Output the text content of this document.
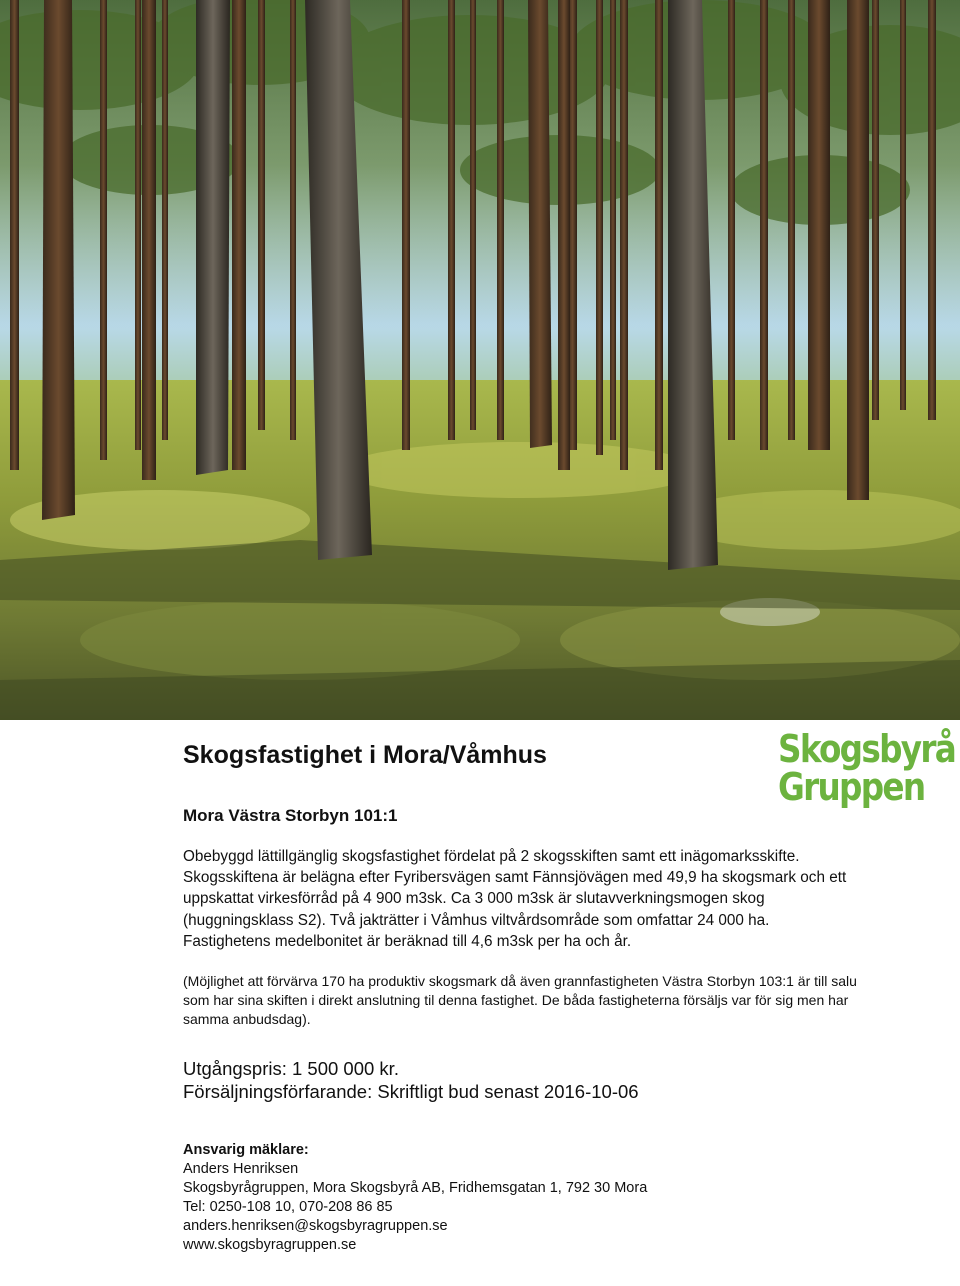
Skogsbyrå
Gruppen
Skogsfastighet i Mora/Våmhus
Mora Västra Storbyn 101:1

Obebyggd lättillgänglig skogsfastighet fördelat på 2 skogsskiften samt ett inägomarksskifte. Skogsskiftena är belägna efter Fyribersvägen samt Fännsjövägen med 49,9 ha skogsmark och ett uppskattat virkesförråd på 4 900 m3sk. Ca 3 000 m3sk är slutavverkningsmogen skog (huggningsklass S2). Två jakträtter i Våmhus viltvårdsområde som omfattar 24 000 ha. Fastighetens medelbonitet är beräknad till 4,6 m3sk per ha och år.

(Möjlighet att förvärva 170 ha produktiv skogsmark då även grannfastigheten Västra Storbyn 103:1 är till salu som har sina skiften i direkt anslutning til denna fastighet. De båda fastigheterna försäljs var för sig men har samma anbudsdag).

Utgångspris: 1 500 000 kr.
Försäljningsförfarande: Skriftligt bud senast 2016-10-06
Ansvarig mäklare:
Anders Henriksen
Skogsbyrågruppen, Mora Skogsbyrå AB, Fridhemsgatan 1, 792 30 Mora
Tel: 0250-108 10, 070-208 86 85
anders.henriksen@skogsbyragruppen.se
www.skogsbyragruppen.se
